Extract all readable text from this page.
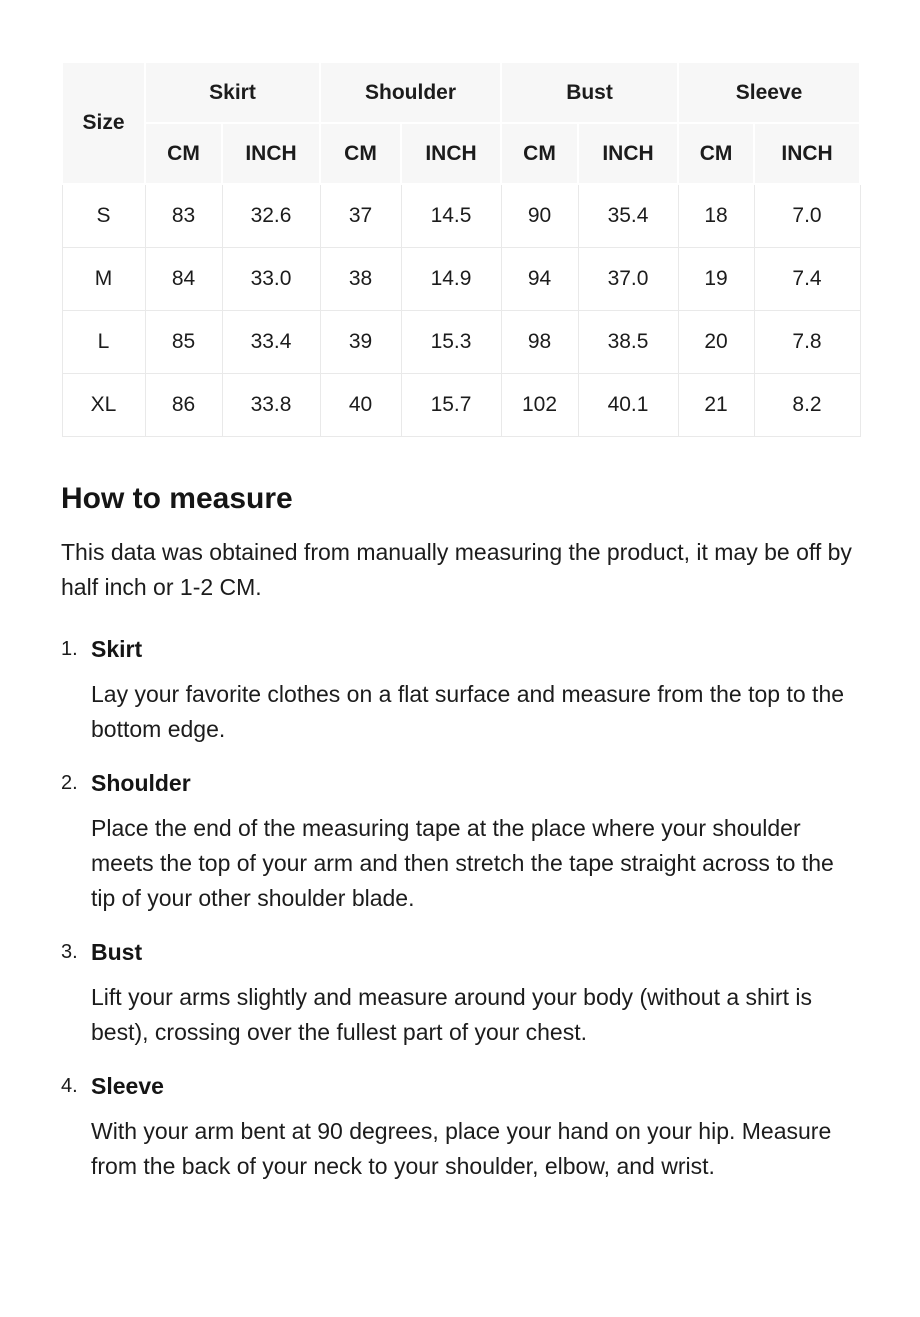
Size	Skirt		Shoulder		Bust		Sleeve	
	CM	INCH	CM	INCH	CM	INCH	CM	INCH
S	83	32.6	37	14.5	90	35.4	18	7.0
M	84	33.0	38	14.9	94	37.0	19	7.4
L	85	33.4	39	15.3	98	38.5	20	7.8
XL	86	33.8	40	15.7	102	40.1	21	8.2
How to measure

This data was obtained from manually measuring the product, it may be off by half inch or 1-2 CM.

1. Skirt

Lay your favorite clothes on a flat surface and measure from the top to the bottom edge.

2. Shoulder

Place the end of the measuring tape at the place where your shoulder meets the top of your arm and then stretch the tape straight across to the tip of your other shoulder blade.

3. Bust

Lift your arms slightly and measure around your body (without a shirt is best), crossing over the fullest part of your chest.

4. Sleeve

With your arm bent at 90 degrees, place your hand on your hip. Measure from the back of your neck to your shoulder, elbow, and wrist.
